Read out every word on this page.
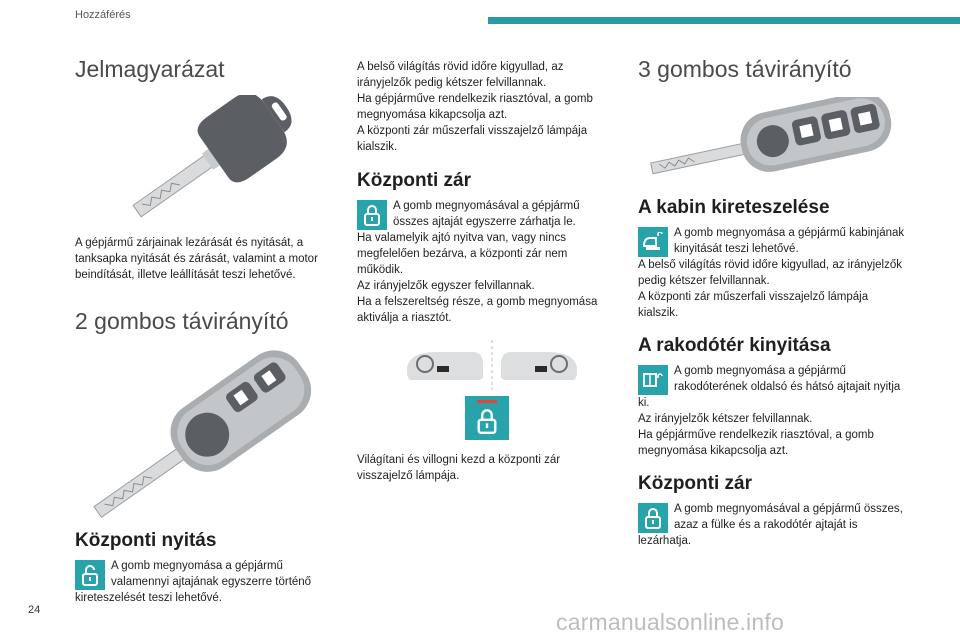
Hozzáférés
Jelmagyarázat

A gépjármű zárjainak lezárását és nyitását, a tanksapka nyitását és zárását, valamint a motor beindítását, illetve leállítását teszi lehetővé.

2 gombos távirányító
Központi nyitás

A gomb megnyomása a gépjármű valamennyi ajtajának egyszerre történő kireteszelését teszi lehetővé.

A belső világítás rövid időre kigyullad, az irányjelzők pedig kétszer felvillannak.
Ha gépjárműve rendelkezik riasztóval, a gomb megnyomása kikapcsolja azt.
A központi zár műszerfali visszajelző lámpája kialszik.

Központi zár

A gomb megnyomásával a gépjármű összes ajtaját egyszerre zárhatja le.
Ha valamelyik ajtó nyitva van, vagy nincs megfelelően bezárva, a központi zár nem működik.
Az irányjelzők egyszer felvillannak.
Ha a felszereltség része, a gomb megnyomása aktiválja a riasztót.

Világítani és villogni kezd a központi zár visszajelző lámpája.

3 gombos távirányító
A kabin kireteszelése

A gomb megnyomása a gépjármű kabinjának kinyitását teszi lehetővé.
A belső világítás rövid időre kigyullad, az irányjelzők pedig kétszer felvillannak.
A központi zár műszerfali visszajelző lámpája kialszik.

A rakodótér kinyitása

A gomb megnyomása a gépjármű rakodóterének oldalsó és hátsó ajtajait nyitja ki.
Az irányjelzők kétszer felvillannak.
Ha gépjárműve rendelkezik riasztóval, a gomb megnyomása kikapcsolja azt.

Központi zár

A gomb megnyomásával a gépjármű összes, azaz a fülke és a rakodótér ajtaját is lezárhatja.

24	carmanualsonline.info
